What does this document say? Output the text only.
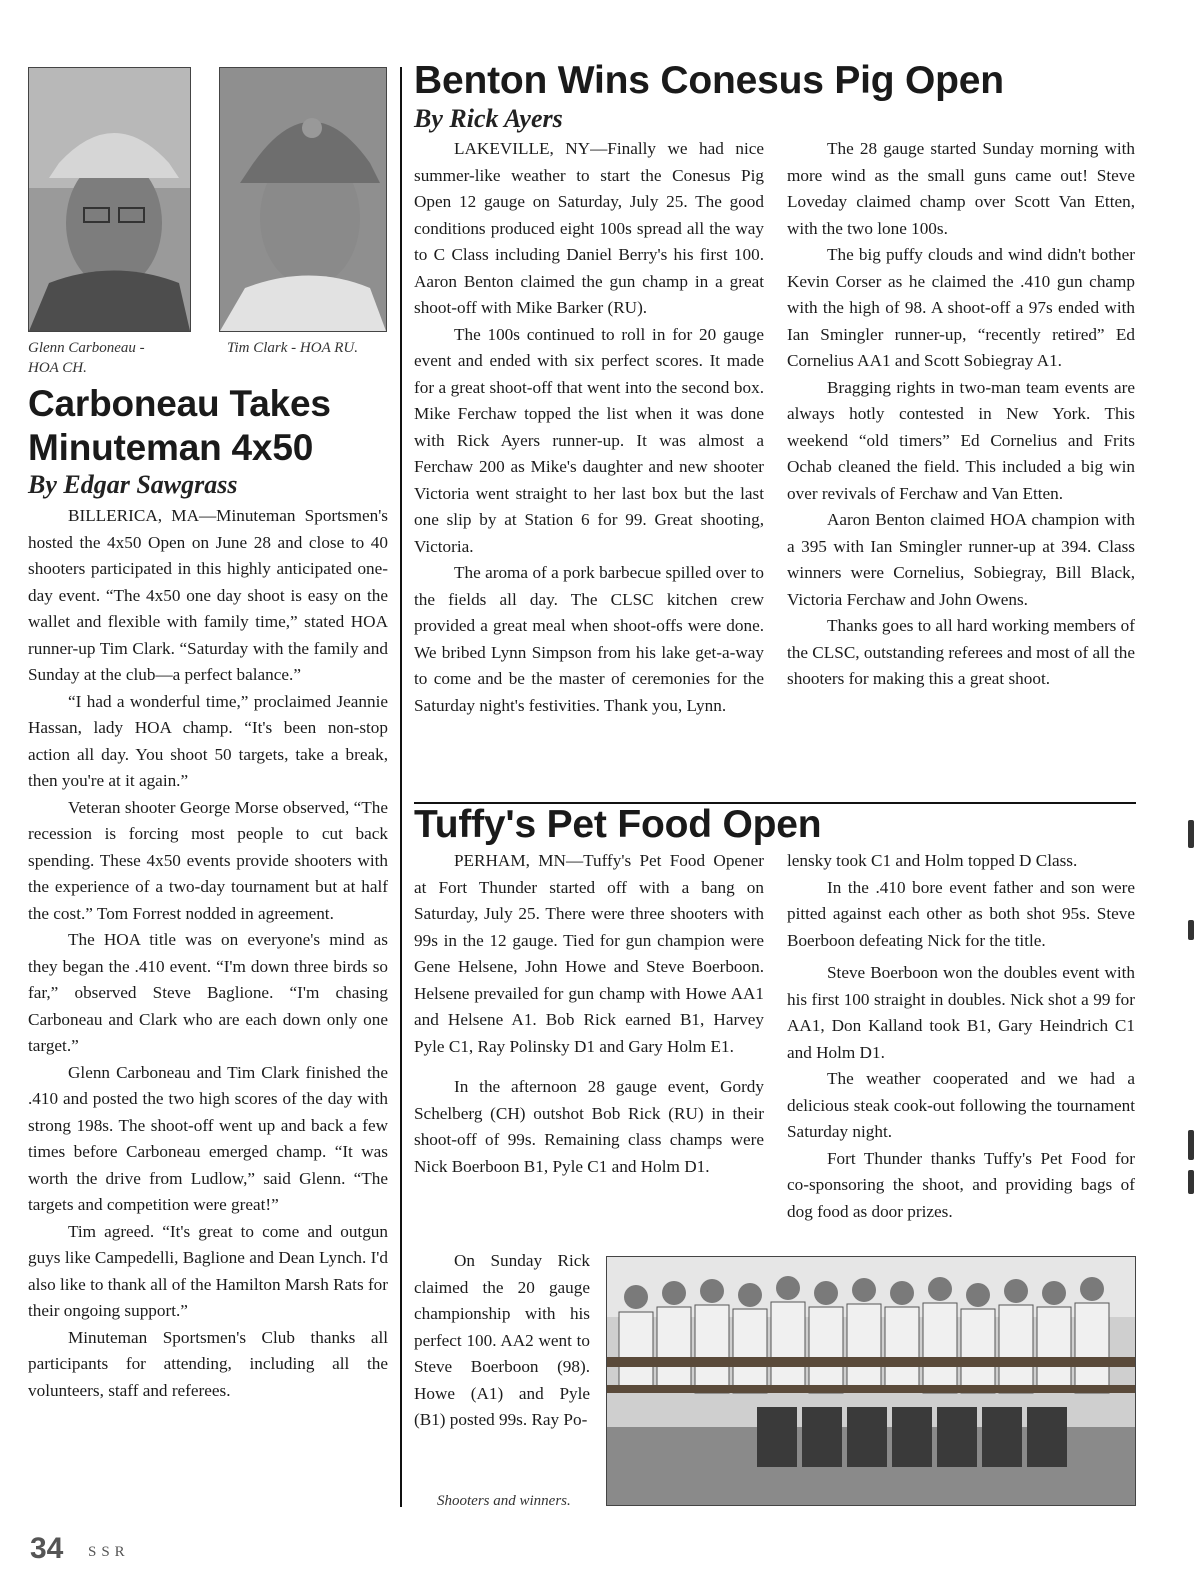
Glenn Carboneau - HOA CH.
Tim Clark - HOA RU.
Carboneau Takes Minuteman 4x50
By Edgar Sawgrass

BILLERICA, MA—Minuteman Sportsmen's hosted the 4x50 Open on June 28 and close to 40 shooters participated in this highly anticipated one-day event. “The 4x50 one day shoot is easy on the wallet and flexible with family time,” stated HOA runner-up Tim Clark. “Saturday with the family and Sunday at the club—a perfect balance.”

“I had a wonderful time,” proclaimed Jeannie Hassan, lady HOA champ. “It's been non-stop action all day. You shoot 50 targets, take a break, then you're at it again.”

Veteran shooter George Morse observed, “The recession is forcing most people to cut back spending. These 4x50 events provide shooters with the experience of a two-day tournament but at half the cost.” Tom Forrest nodded in agreement.

The HOA title was on everyone's mind as they began the .410 event. “I'm down three birds so far,” observed Steve Baglione. “I'm chasing Carboneau and Clark who are each down only one target.”

Glenn Carboneau and Tim Clark finished the .410 and posted the two high scores of the day with strong 198s. The shoot-off went up and back a few times before Carboneau emerged champ. “It was worth the drive from Ludlow,” said Glenn. “The targets and competition were great!”

Tim agreed. “It's great to come and outgun guys like Campedelli, Baglione and Dean Lynch. I'd also like to thank all of the Hamilton Marsh Rats for their ongoing support.”

Minuteman Sportsmen's Club thanks all participants for attending, including all the volunteers, staff and referees.

Benton Wins Conesus Pig Open
By Rick Ayers

LAKEVILLE, NY—Finally we had nice summer-like weather to start the Conesus Pig Open 12 gauge on Saturday, July 25. The good conditions produced eight 100s spread all the way to C Class including Daniel Berry's his first 100. Aaron Benton claimed the gun champ in a great shoot-off with Mike Barker (RU).

The 100s continued to roll in for 20 gauge event and ended with six perfect scores. It made for a great shoot-off that went into the second box. Mike Ferchaw topped the list when it was done with Rick Ayers runner-up. It was almost a Ferchaw 200 as Mike's daughter and new shooter Victoria went straight to her last box but the last one slip by at Station 6 for 99. Great shooting, Victoria.

The aroma of a pork barbecue spilled over to the fields all day. The CLSC kitchen crew provided a great meal when shoot-offs were done. We bribed Lynn Simpson from his lake get-a-way to come and be the master of ceremonies for the Saturday night's festivities. Thank you, Lynn.

The 28 gauge started Sunday morning with more wind as the small guns came out! Steve Loveday claimed champ over Scott Van Etten, with the two lone 100s.

The big puffy clouds and wind didn't bother Kevin Corser as he claimed the .410 gun champ with the high of 98. A shoot-off a 97s ended with Ian Smingler runner-up, “recently retired” Ed Cornelius AA1 and Scott Sobiegray A1.

Bragging rights in two-man team events are always hotly contested in New York. This weekend “old timers” Ed Cornelius and Frits Ochab cleaned the field. This included a big win over revivals of Ferchaw and Van Etten.

Aaron Benton claimed HOA champion with a 395 with Ian Smingler runner-up at 394. Class winners were Cornelius, Sobiegray, Bill Black, Victoria Ferchaw and John Owens.

Thanks goes to all hard working members of the CLSC, outstanding referees and most of all the shooters for making this a great shoot.

Tuffy's Pet Food Open

PERHAM, MN—Tuffy's Pet Food Opener at Fort Thunder started off with a bang on Saturday, July 25. There were three shooters with 99s in the 12 gauge. Tied for gun champion were Gene Helsene, John Howe and Steve Boerboon. Helsene prevailed for gun champ with Howe AA1 and Helsene A1. Bob Rick earned B1, Harvey Pyle C1, Ray Polinsky D1 and Gary Holm E1.

In the afternoon 28 gauge event, Gordy Schelberg (CH) outshot Bob Rick (RU) in their shoot-off of 99s. Remaining class champs were Nick Boerboon B1, Pyle C1 and Holm D1.

On Sunday Rick claimed the 20 gauge championship with his perfect 100. AA2 went to Steve Boerboon (98). Howe (A1) and Pyle (B1) posted 99s. Ray Po-

lensky took C1 and Holm topped D Class.

In the .410 bore event father and son were pitted against each other as both shot 95s. Steve Boerboon defeating Nick for the title.

Steve Boerboon won the doubles event with his first 100 straight in doubles. Nick shot a 99 for AA1, Don Kalland took B1, Gary Heindrich C1 and Holm D1.

The weather cooperated and we had a delicious steak cook-out following the tournament Saturday night.

Fort Thunder thanks Tuffy's Pet Food for co-sponsoring the shoot, and providing bags of dog food as door prizes.

Shooters and winners.
34 SSR
